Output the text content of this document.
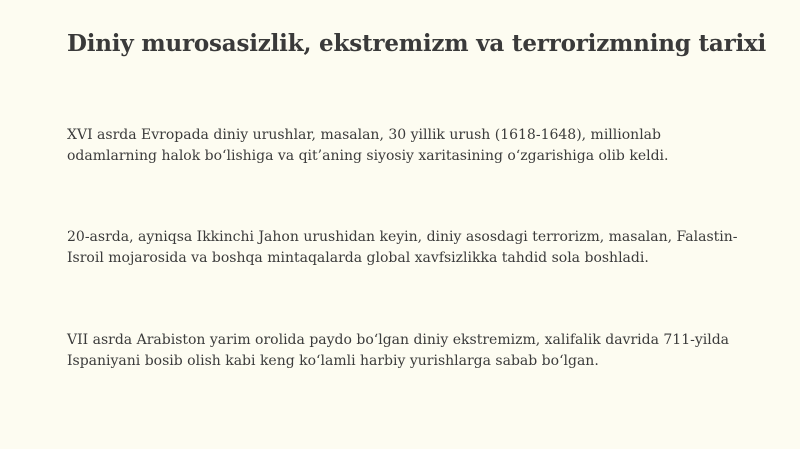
Diniy murosasizlik, ekstremizm va terrorizmning tarixi

XVI asrda Evropada diniy urushlar, masalan, 30 yillik urush (1618-1648), millionlab odamlarning halok bo‘lishiga va qit’aning siyosiy xaritasining o‘zgarishiga olib keldi.

20-asrda, ayniqsa Ikkinchi Jahon urushidan keyin, diniy asosdagi terrorizm, masalan, Falastin-Isroil mojarosida va boshqa mintaqalarda global xavfsizlikka tahdid sola boshladi.

VII asrda Arabiston yarim orolida paydo bo‘lgan diniy ekstremizm, xalifalik davrida 711-yilda Ispaniyani bosib olish kabi keng ko‘lamli harbiy yurishlarga sabab bo‘lgan.
